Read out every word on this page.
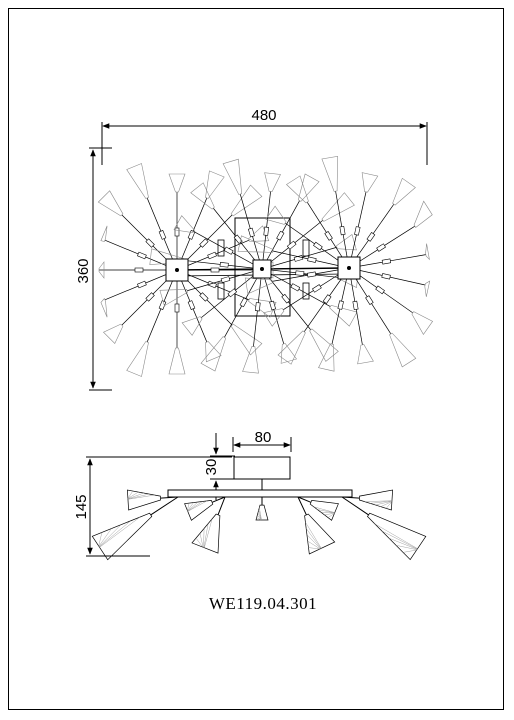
480
360
80
30
145
WE119.04.301
